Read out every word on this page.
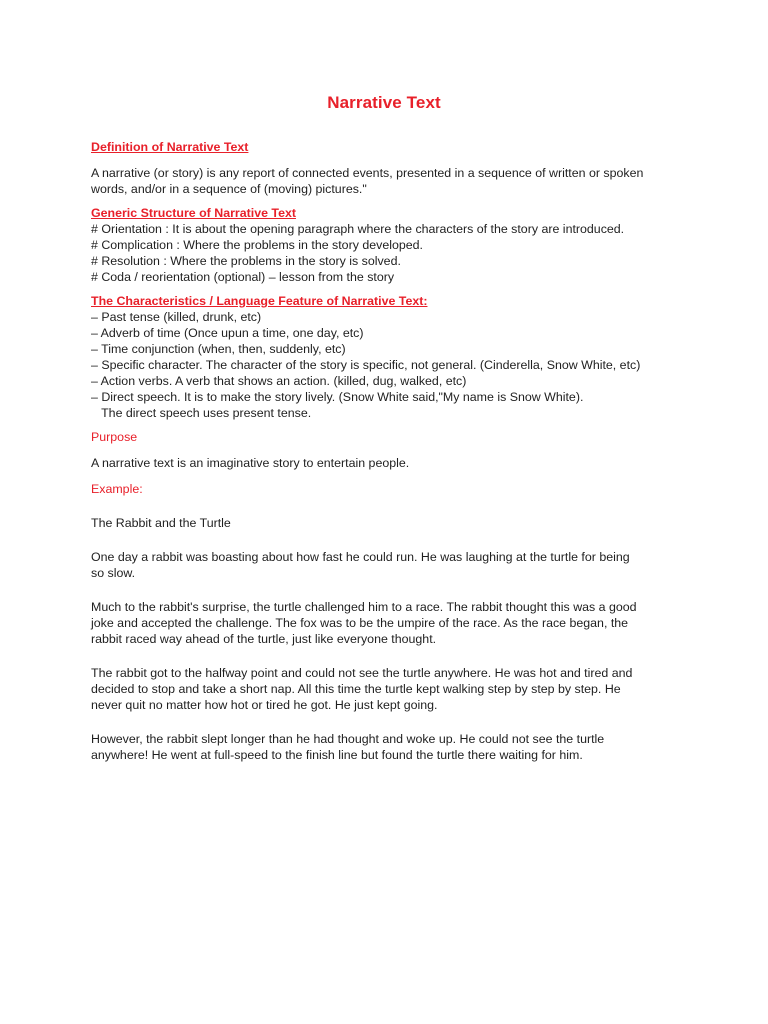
Narrative Text
Definition of Narrative Text
A narrative (or story) is any report of connected events, presented in a sequence of written or spoken
words, and/or in a sequence of (moving) pictures."
Generic Structure of Narrative Text
# Orientation : It is about the opening paragraph where the characters of the story are introduced.
# Complication : Where the problems in the story developed.
# Resolution : Where the problems in the story is solved.
# Coda / reorientation (optional) – lesson from the story
The Characteristics / Language Feature of Narrative Text:
– Past tense (killed, drunk, etc)
– Adverb of time (Once upun a time, one day, etc)
– Time conjunction (when, then, suddenly, etc)
– Specific character. The character of the story is specific, not general. (Cinderella, Snow White, etc)
– Action verbs. A verb that shows an action. (killed, dug, walked, etc)
– Direct speech. It is to make the story lively. (Snow White said,"My name is Snow White).
The direct speech uses present tense.
Purpose
A narrative text is an imaginative story to entertain people.
Example:
The Rabbit and the Turtle
One day a rabbit was boasting about how fast he could run. He was laughing at the turtle for being
so slow.
Much to the rabbit's surprise, the turtle challenged him to a race. The rabbit thought this was a good
joke and accepted the challenge. The fox was to be the umpire of the race. As the race began, the
rabbit raced way ahead of the turtle, just like everyone thought.
The rabbit got to the halfway point and could not see the turtle anywhere. He was hot and tired and
decided to stop and take a short nap. All this time the turtle kept walking step by step by step. He
never quit no matter how hot or tired he got. He just kept going.
However, the rabbit slept longer than he had thought and woke up. He could not see the turtle
anywhere! He went at full-speed to the finish line but found the turtle there waiting for him.
